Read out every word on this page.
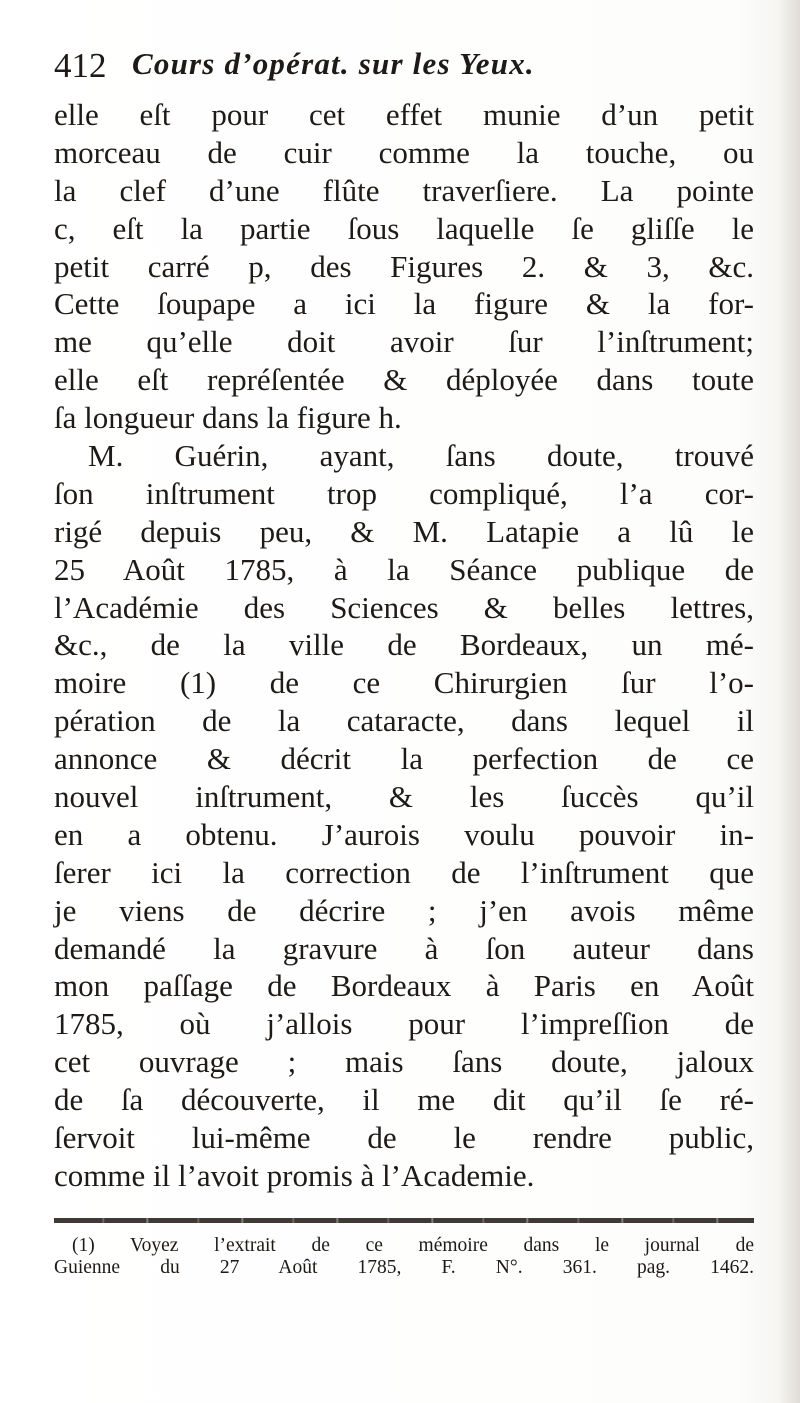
412 Cours d’opérat. sur les Yeux.
elle eſt pour cet effet munie d’un petit
morceau de cuir comme la touche, ou
la clef d’une flûte traverſiere. La pointe
c, eſt la partie ſous laquelle ſe gliſſe le
petit carré p, des Figures 2. & 3, &c.
Cette ſoupape a ici la figure & la for-
me qu’elle doit avoir ſur l’inſtrument;
elle eſt repréſentée & déployée dans toute
ſa longueur dans la figure h.
M. Guérin, ayant, ſans doute, trouvé
ſon inſtrument trop compliqué, l’a cor-
rigé depuis peu, & M. Latapie a lû le
25 Août 1785, à la Séance publique de
l’Académie des Sciences & belles lettres,
&c., de la ville de Bordeaux, un mé-
moire (1) de ce Chirurgien ſur l’o-
pération de la cataracte, dans lequel il
annonce & décrit la perfection de ce
nouvel inſtrument, & les ſuccès qu’il
en a obtenu. J’aurois voulu pouvoir in-
ſerer ici la correction de l’inſtrument que
je viens de décrire ; j’en avois même
demandé la gravure à ſon auteur dans
mon paſſage de Bordeaux à Paris en Août
1785, où j’allois pour l’impreſſion de
cet ouvrage ; mais ſans doute, jaloux
de ſa découverte, il me dit qu’il ſe ré-
ſervoit lui-même de le rendre public,
comme il l’avoit promis à l’Academie.
(1) Voyez l’extrait de ce mémoire dans le journal de
Guienne du 27 Août 1785, F. N°. 361. pag. 1462.
